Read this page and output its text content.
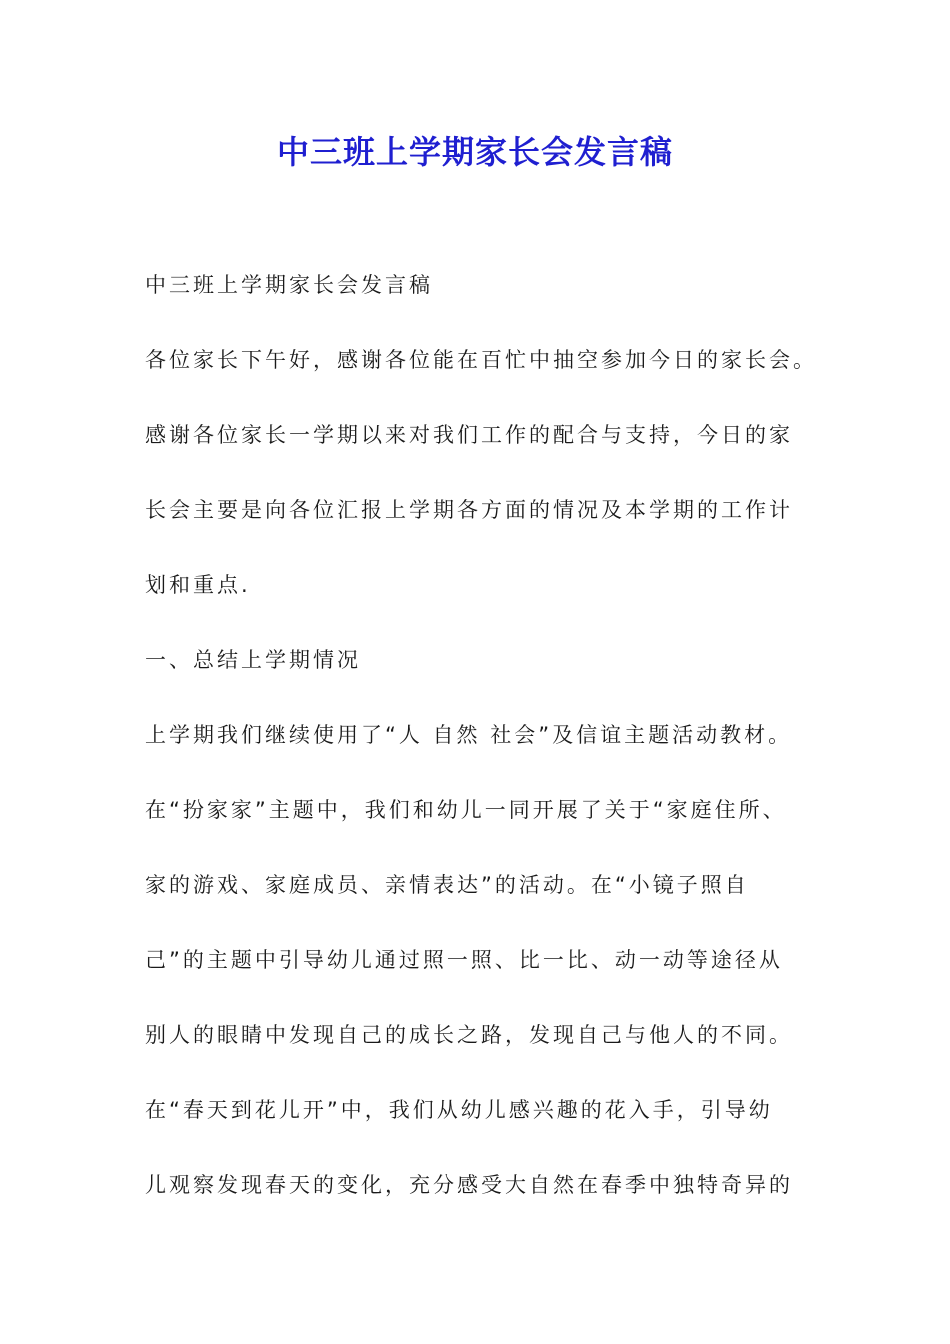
中三班上学期家长会发言稿
中三班上学期家长会发言稿
各位家长下午好，感谢各位能在百忙中抽空参加今日的家长会。
感谢各位家长一学期以来对我们工作的配合与支持，今日的家
长会主要是向各位汇报上学期各方面的情况及本学期的工作计
划和重点.
一、总结上学期情况
上学期我们继续使用了“人 自然 社会”及信谊主题活动教材。
在“扮家家”主题中，我们和幼儿一同开展了关于“家庭住所、
家的游戏、家庭成员、亲情表达”的活动。在“小镜子照自
己”的主题中引导幼儿通过照一照、比一比、动一动等途径从
别人的眼睛中发现自己的成长之路，发现自己与他人的不同。
在“春天到花儿开”中，我们从幼儿感兴趣的花入手，引导幼
儿观察发现春天的变化，充分感受大自然在春季中独特奇异的
